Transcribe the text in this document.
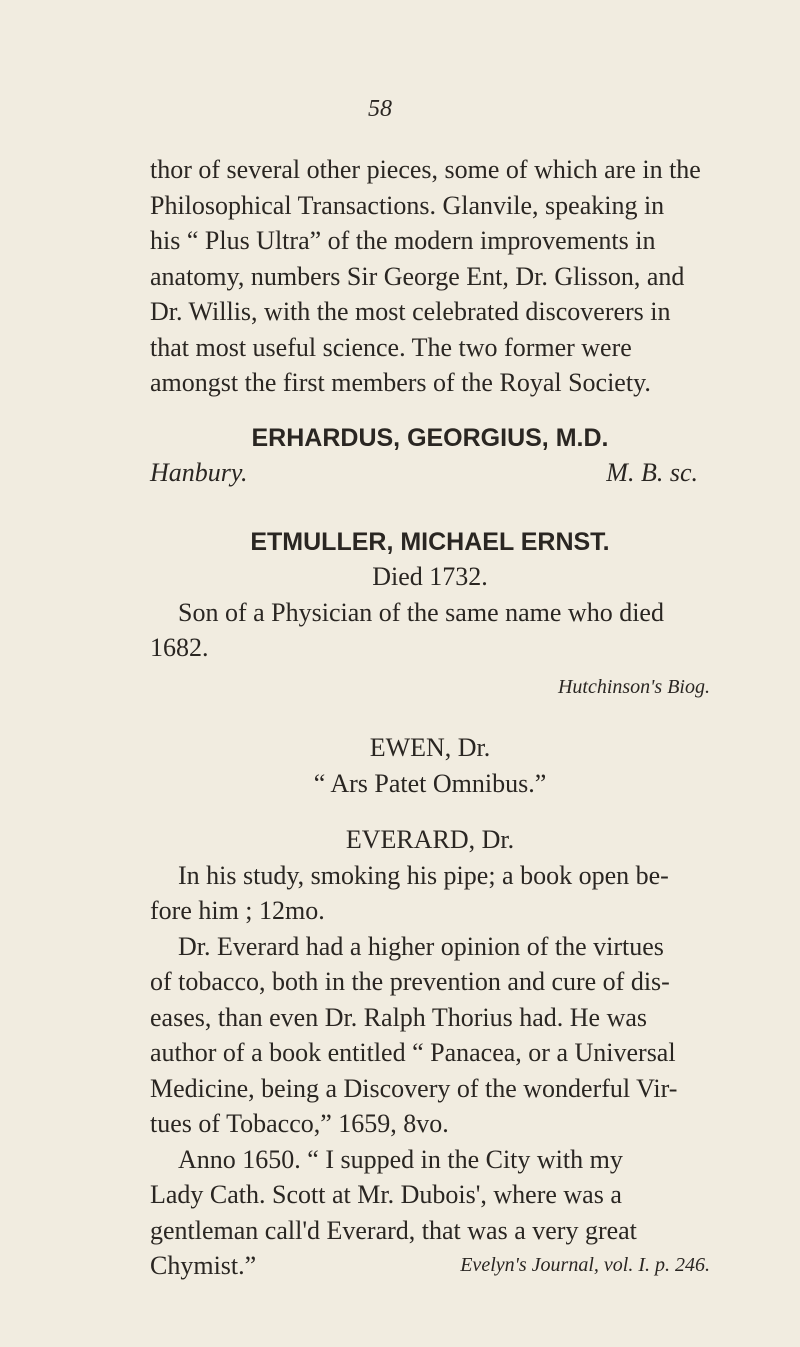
58
thor of several other pieces, some of which are in the
Philosophical Transactions. Glanvile, speaking in
his “ Plus Ultra” of the modern improvements in
anatomy, numbers Sir George Ent, Dr. Glisson, and
Dr. Willis, with the most celebrated discoverers in
that most useful science. The two former were
amongst the first members of the Royal Society.
ERHARDUS, GEORGIUS, M.D.
Hanbury.	M. B. sc.
ETMULLER, MICHAEL ERNST.
Died 1732.
Son of a Physician of the same name who died
1682.
Hutchinson's Biog.
EWEN, Dr.
“ Ars Patet Omnibus.”
EVERARD, Dr.
In his study, smoking his pipe; a book open be-
fore him ; 12mo.
Dr. Everard had a higher opinion of the virtues
of tobacco, both in the prevention and cure of dis-
eases, than even Dr. Ralph Thorius had. He was
author of a book entitled “ Panacea, or a Universal
Medicine, being a Discovery of the wonderful Vir-
tues of Tobacco,” 1659, 8vo.
Anno 1650. “ I supped in the City with my
Lady Cath. Scott at Mr. Dubois', where was a
gentleman call'd Everard, that was a very great
Chymist.”	Evelyn's Journal, vol. I. p. 246.
